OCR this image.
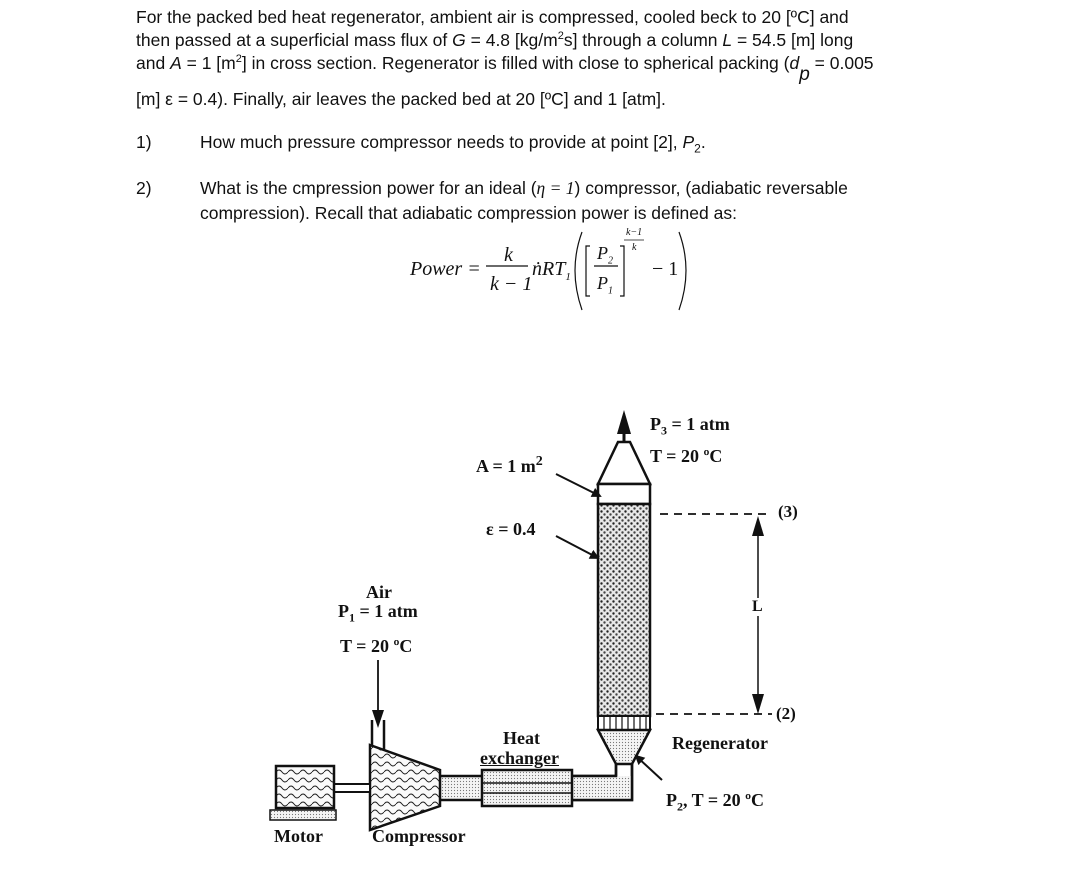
For the packed bed heat regenerator, ambient air is compressed, cooled beck to 20 [ºC] and
then passed at a superficial mass flux of G = 4.8 $[kg/m^2s]$ through a column L = 54.5 [m] long
and A = 1 $[m^2]$ in cross section. Regenerator is filled with close to spherical packing ($d_p = 0.005$
[m] ε = 0.4). Finally, air leaves the packed bed at 20 [ºC] and 1 [atm].
1)	How much pressure compressor needs to provide at point [2], $P_2$.
2)	What is the cmpression power for an ideal (η = 1) compressor, (adiabatic reversable
compression). Recall that adiabatic compression power is defined as:
Power =
k
k − 1
ṅRT$_1$
$P_2$
$P_1$
k−1
k
− 1
Air
$P_1 = 1$ atm
T = 20 ºC
A = 1 $m^2$
ε = 0.4
$P_3 = 1$ atm
T = 20 ºC
(3)
L
(2)
Regenerator
Heat
exchanger
$P_2$, T = 20 ºC
Motor	Compressor
